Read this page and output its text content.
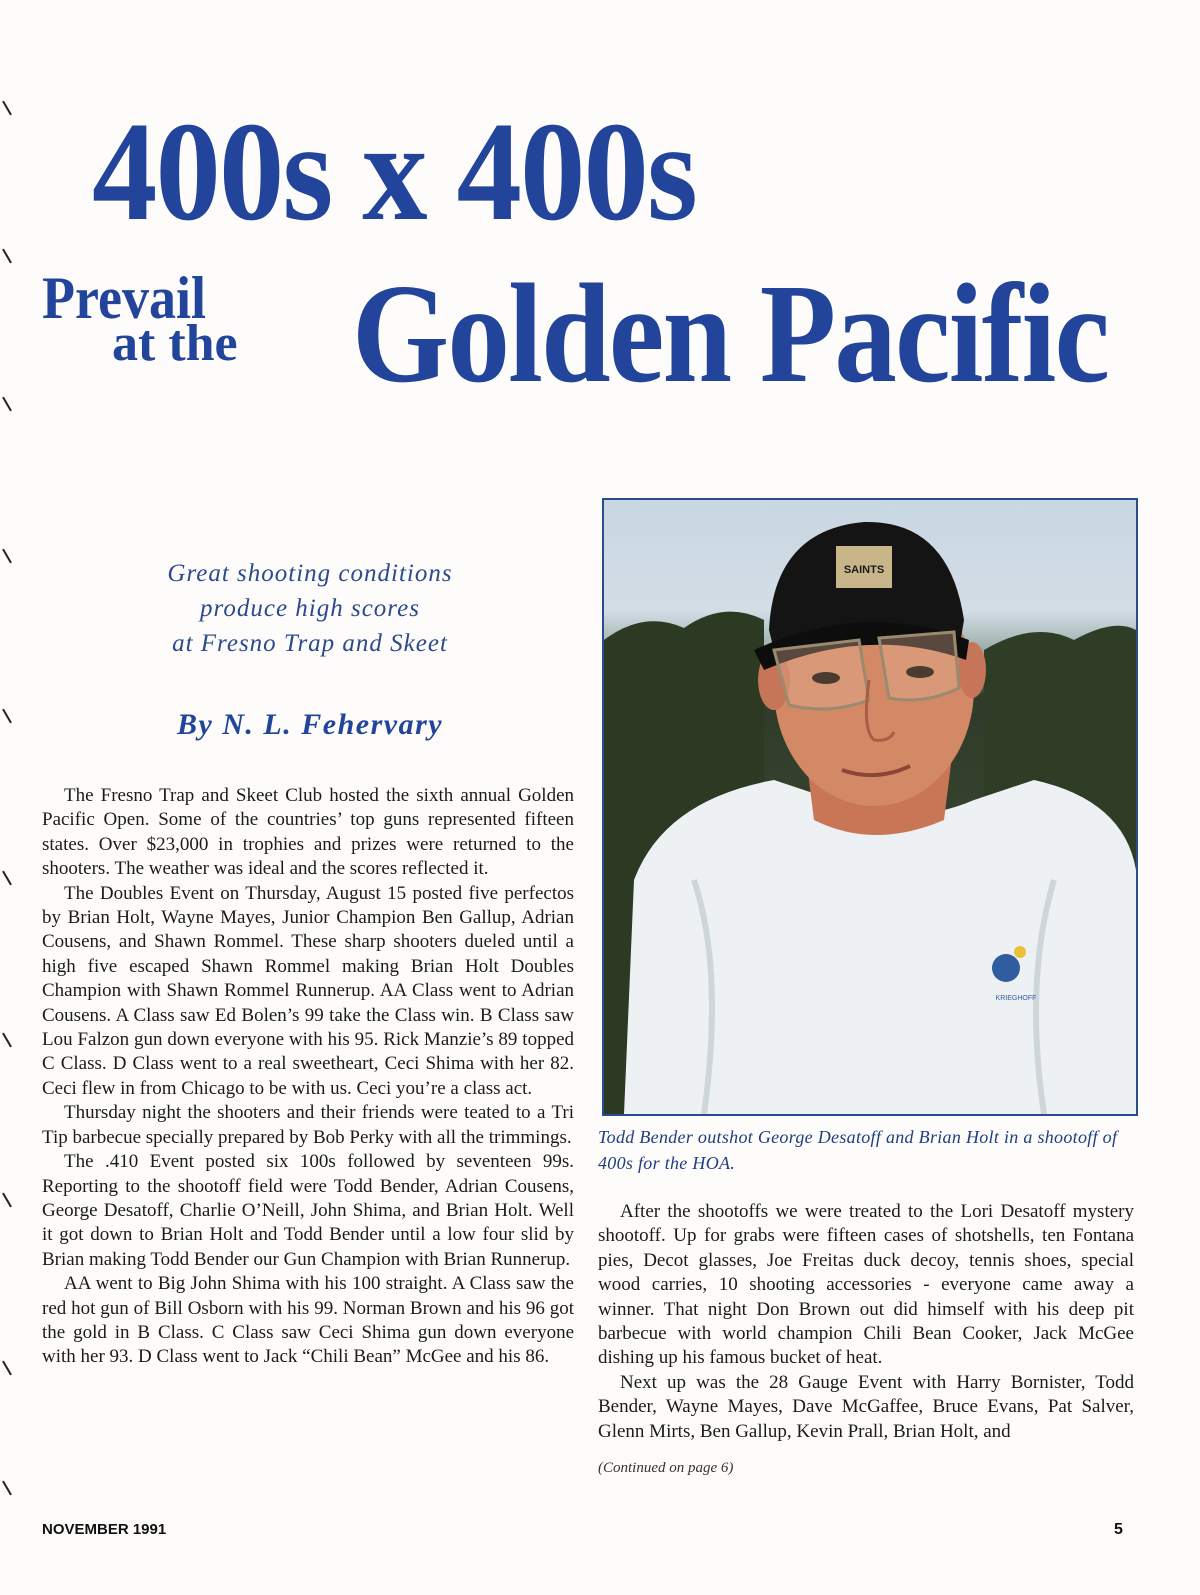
400s x 400s
Prevail
at the Golden Pacific
Great shooting conditions
produce high scores
at Fresno Trap and Skeet
By N. L. Fehervary

The Fresno Trap and Skeet Club hosted the sixth annual Golden Pacific Open. Some of the countries’ top guns represented fifteen states. Over $23,000 in trophies and prizes were returned to the shooters. The weather was ideal and the scores reflected it.

The Doubles Event on Thursday, August 15 posted five perfectos by Brian Holt, Wayne Mayes, Junior Champion Ben Gallup, Adrian Cousens, and Shawn Rommel. These sharp shooters dueled until a high five escaped Shawn Rommel making Brian Holt Doubles Champion with Shawn Rommel Runnerup. AA Class went to Adrian Cousens. A Class saw Ed Bolen’s 99 take the Class win. B Class saw Lou Falzon gun down everyone with his 95. Rick Manzie’s 89 topped C Class. D Class went to a real sweetheart, Ceci Shima with her 82. Ceci flew in from Chicago to be with us. Ceci you’re a class act.

Thursday night the shooters and their friends were teated to a Tri Tip barbecue specially prepared by Bob Perky with all the trimmings.

The .410 Event posted six 100s followed by seventeen 99s. Reporting to the shootoff field were Todd Bender, Adrian Cousens, George Desatoff, Charlie O’Neill, John Shima, and Brian Holt. Well it got down to Brian Holt and Todd Bender until a low four slid by Brian making Todd Bender our Gun Champion with Brian Runnerup.

AA went to Big John Shima with his 100 straight. A Class saw the red hot gun of Bill Osborn with his 99. Norman Brown and his 96 got the gold in B Class. C Class saw Ceci Shima gun down everyone with her 93. D Class went to Jack “Chili Bean” McGee and his 86.

SAINTS
KRIEGHOFF
Todd Bender outshot George Desatoff and Brian Holt in a shootoff of 400s for the HOA.

After the shootoffs we were treated to the Lori Desatoff mystery shootoff. Up for grabs were fifteen cases of shotshells, ten Fontana pies, Decot glasses, Joe Freitas duck decoy, tennis shoes, special wood carries, 10 shooting accessories - everyone came away a winner. That night Don Brown out did himself with his deep pit barbecue with world champion Chili Bean Cooker, Jack McGee dishing up his famous bucket of heat.

Next up was the 28 Gauge Event with Harry Bornister, Todd Bender, Wayne Mayes, Dave McGaffee, Bruce Evans, Pat Salver, Glenn Mirts, Ben Gallup, Kevin Prall, Brian Holt, and

(Continued on page 6)
NOVEMBER 1991	5
